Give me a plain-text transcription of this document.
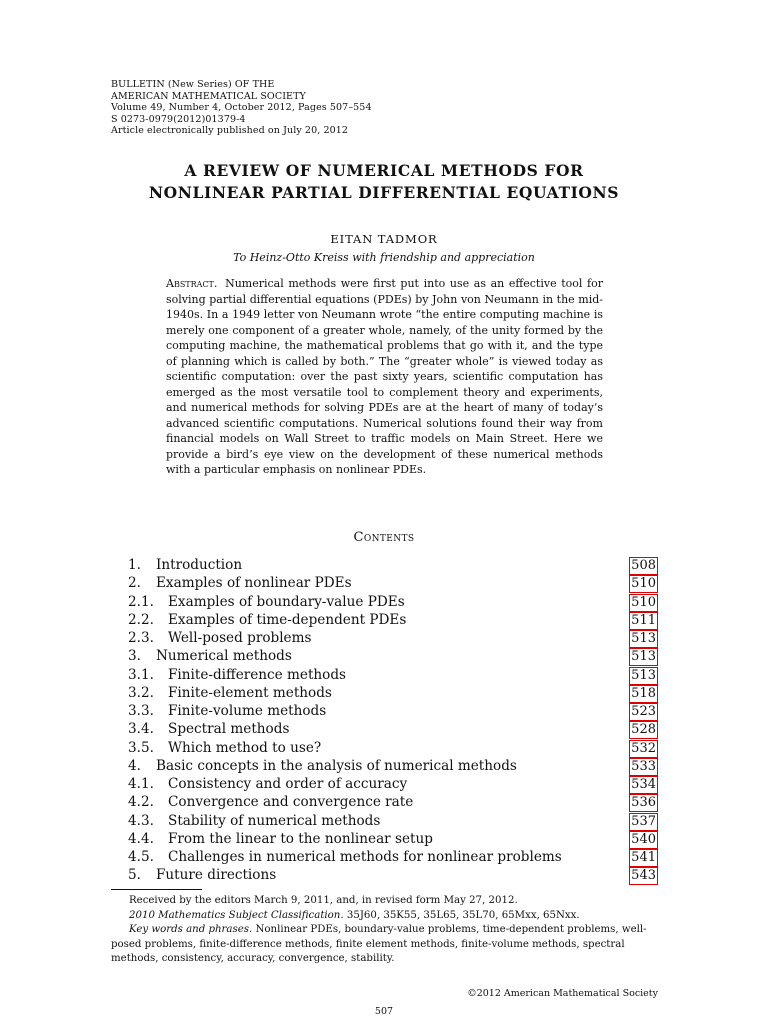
BULLETIN (New Series) OF THE
AMERICAN MATHEMATICAL SOCIETY
Volume 49, Number 4, October 2012, Pages 507–554
S 0273-0979(2012)01379-4
Article electronically published on July 20, 2012
A REVIEW OF NUMERICAL METHODS FOR
NONLINEAR PARTIAL DIFFERENTIAL EQUATIONS
EITAN TADMOR
To Heinz-Otto Kreiss with friendship and appreciation
Abstract. Numerical methods were first put into use as an effective tool for solving partial differential equations (PDEs) by John von Neumann in the mid-1940s. In a 1949 letter von Neumann wrote “the entire computing machine is merely one component of a greater whole, namely, of the unity formed by the computing machine, the mathematical problems that go with it, and the type of planning which is called by both.” The “greater whole” is viewed today as scientific computation: over the past sixty years, scientific computation has emerged as the most versatile tool to complement theory and experiments, and numerical methods for solving PDEs are at the heart of many of today’s advanced scientific computations. Numerical solutions found their way from financial models on Wall Street to traffic models on Main Street. Here we provide a bird’s eye view on the development of these numerical methods with a particular emphasis on nonlinear PDEs.
Contents
1. Introduction	508
2. Examples of nonlinear PDEs	510
2.1. Examples of boundary-value PDEs	510
2.2. Examples of time-dependent PDEs	511
2.3. Well-posed problems	513
3. Numerical methods	513
3.1. Finite-difference methods	513
3.2. Finite-element methods	518
3.3. Finite-volume methods	523
3.4. Spectral methods	528
3.5. Which method to use?	532
4. Basic concepts in the analysis of numerical methods	533
4.1. Consistency and order of accuracy	534
4.2. Convergence and convergence rate	536
4.3. Stability of numerical methods	537
4.4. From the linear to the nonlinear setup	540
4.5. Challenges in numerical methods for nonlinear problems	541
5. Future directions	543
Received by the editors March 9, 2011, and, in revised form May 27, 2012.
2010 Mathematics Subject Classification. 35J60, 35K55, 35L65, 35L70, 65Mxx, 65Nxx.
Key words and phrases. Nonlinear PDEs, boundary-value problems, time-dependent problems, well-posed problems, finite-difference methods, finite element methods, finite-volume methods, spectral methods, consistency, accuracy, convergence, stability.
©2012 American Mathematical Society
507
